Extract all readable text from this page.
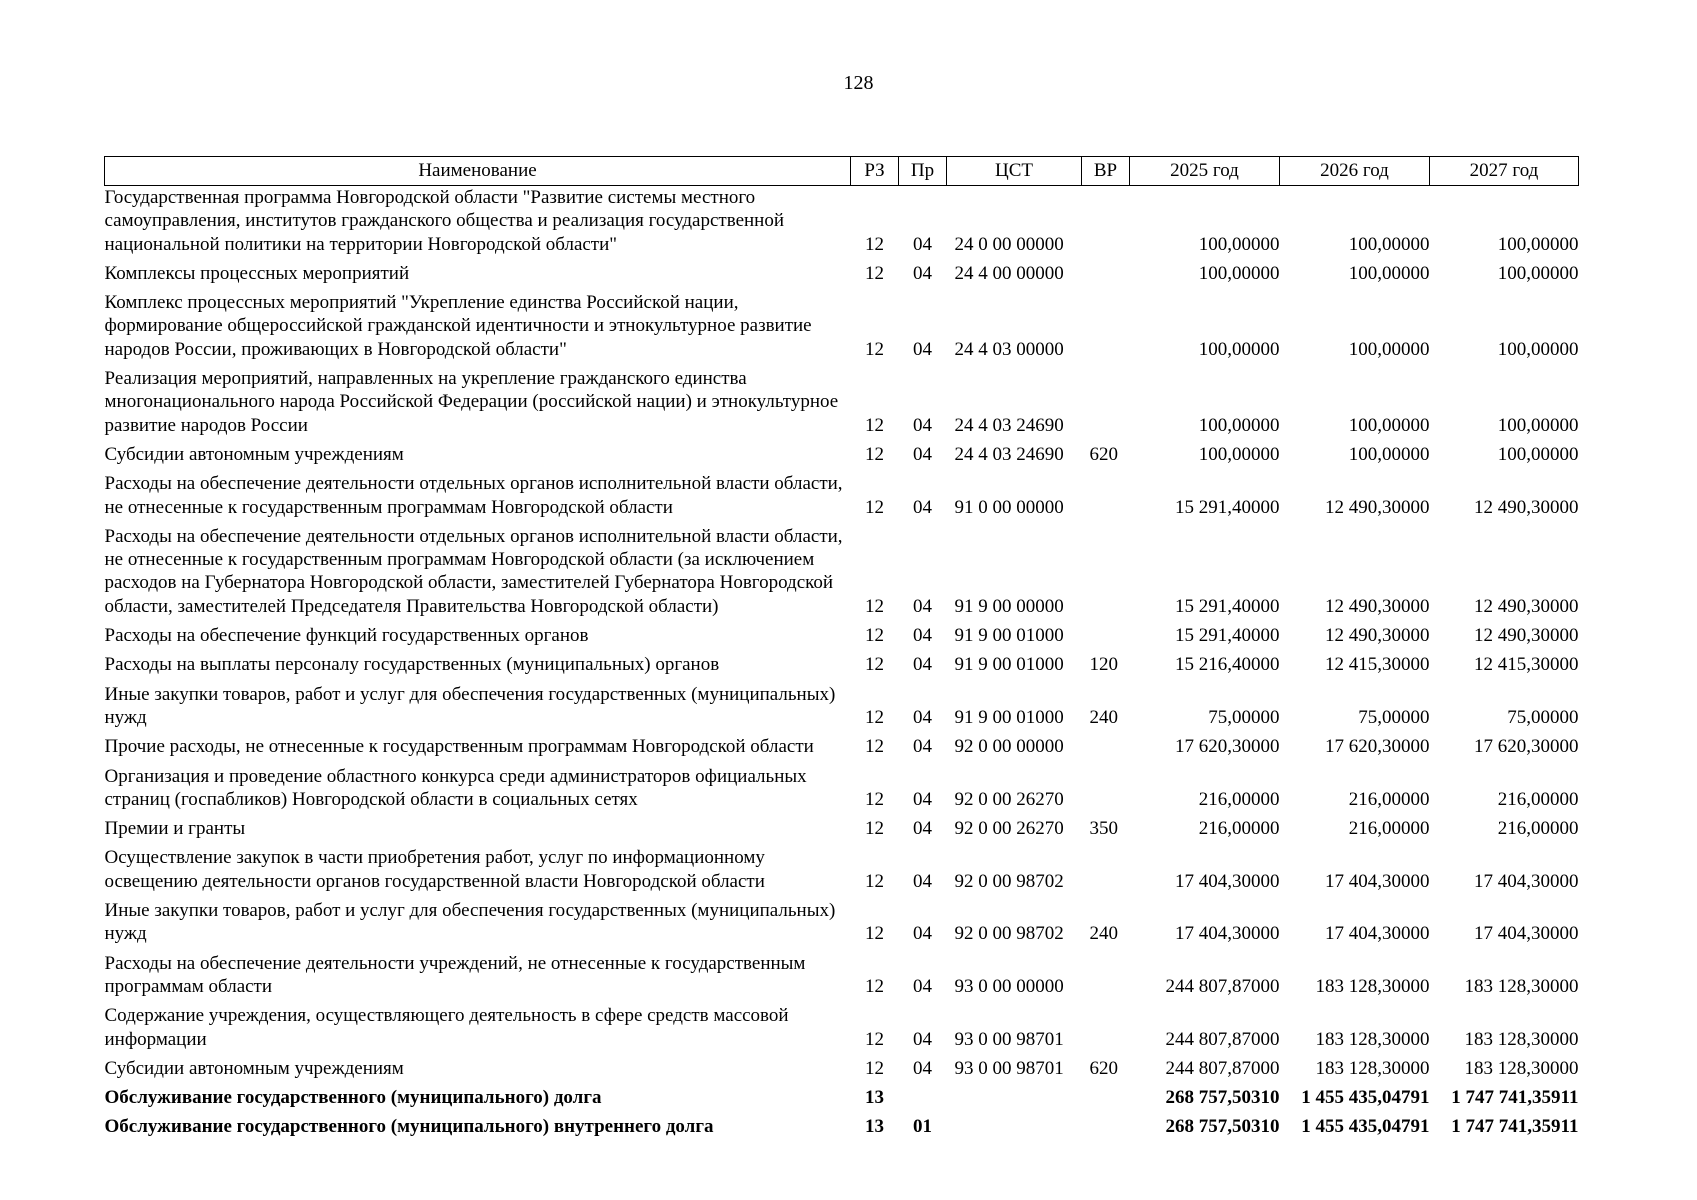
128
Наименование	РЗ	Пр	ЦСТ	ВР	2025 год	2026 год	2027 год
Государственная программа Новгородской области "Развитие системы местного самоуправления, институтов гражданского общества и реализация государственной национальной политики на территории Новгородской области"	12	04	24 0 00 00000		100,00000	100,00000	100,00000
Комплексы процессных мероприятий	12	04	24 4 00 00000		100,00000	100,00000	100,00000
Комплекс процессных мероприятий "Укрепление единства Российской нации, формирование общероссийской гражданской идентичности и этнокультурное развитие народов России, проживающих в Новгородской области"	12	04	24 4 03 00000		100,00000	100,00000	100,00000
Реализация мероприятий, направленных на укрепление гражданского единства многонационального народа Российской Федерации (российской нации) и этнокультурное развитие народов России	12	04	24 4 03 24690		100,00000	100,00000	100,00000
Субсидии автономным учреждениям	12	04	24 4 03 24690	620	100,00000	100,00000	100,00000
Расходы на обеспечение деятельности отдельных органов исполнительной власти области, не отнесенные к государственным программам Новгородской области	12	04	91 0 00 00000		15 291,40000	12 490,30000	12 490,30000
Расходы на обеспечение деятельности отдельных органов исполнительной власти области, не отнесенные к государственным программам Новгородской области (за исключением расходов на Губернатора Новгородской области, заместителей Губернатора Новгородской области, заместителей Председателя Правительства Новгородской области)	12	04	91 9 00 00000		15 291,40000	12 490,30000	12 490,30000
Расходы на обеспечение функций государственных органов	12	04	91 9 00 01000		15 291,40000	12 490,30000	12 490,30000
Расходы на выплаты персоналу государственных (муниципальных) органов	12	04	91 9 00 01000	120	15 216,40000	12 415,30000	12 415,30000
Иные закупки товаров, работ и услуг для обеспечения государственных (муниципальных) нужд	12	04	91 9 00 01000	240	75,00000	75,00000	75,00000
Прочие расходы, не отнесенные к государственным программам Новгородской области	12	04	92 0 00 00000		17 620,30000	17 620,30000	17 620,30000
Организация и проведение областного конкурса среди администраторов официальных страниц (госпабликов) Новгородской области в социальных сетях	12	04	92 0 00 26270		216,00000	216,00000	216,00000
Премии и гранты	12	04	92 0 00 26270	350	216,00000	216,00000	216,00000
Осуществление закупок в части приобретения работ, услуг по информационному освещению деятельности органов государственной власти Новгородской области	12	04	92 0 00 98702		17 404,30000	17 404,30000	17 404,30000
Иные закупки товаров, работ и услуг для обеспечения государственных (муниципальных) нужд	12	04	92 0 00 98702	240	17 404,30000	17 404,30000	17 404,30000
Расходы на обеспечение деятельности учреждений, не отнесенные к государственным программам области	12	04	93 0 00 00000		244 807,87000	183 128,30000	183 128,30000
Содержание учреждения, осуществляющего деятельность в сфере средств массовой информации	12	04	93 0 00 98701		244 807,87000	183 128,30000	183 128,30000
Субсидии автономным учреждениям	12	04	93 0 00 98701	620	244 807,87000	183 128,30000	183 128,30000
Обслуживание государственного (муниципального) долга	13				268 757,50310	1 455 435,04791	1 747 741,35911
Обслуживание государственного (муниципального) внутреннего долга	13	01			268 757,50310	1 455 435,04791	1 747 741,35911
